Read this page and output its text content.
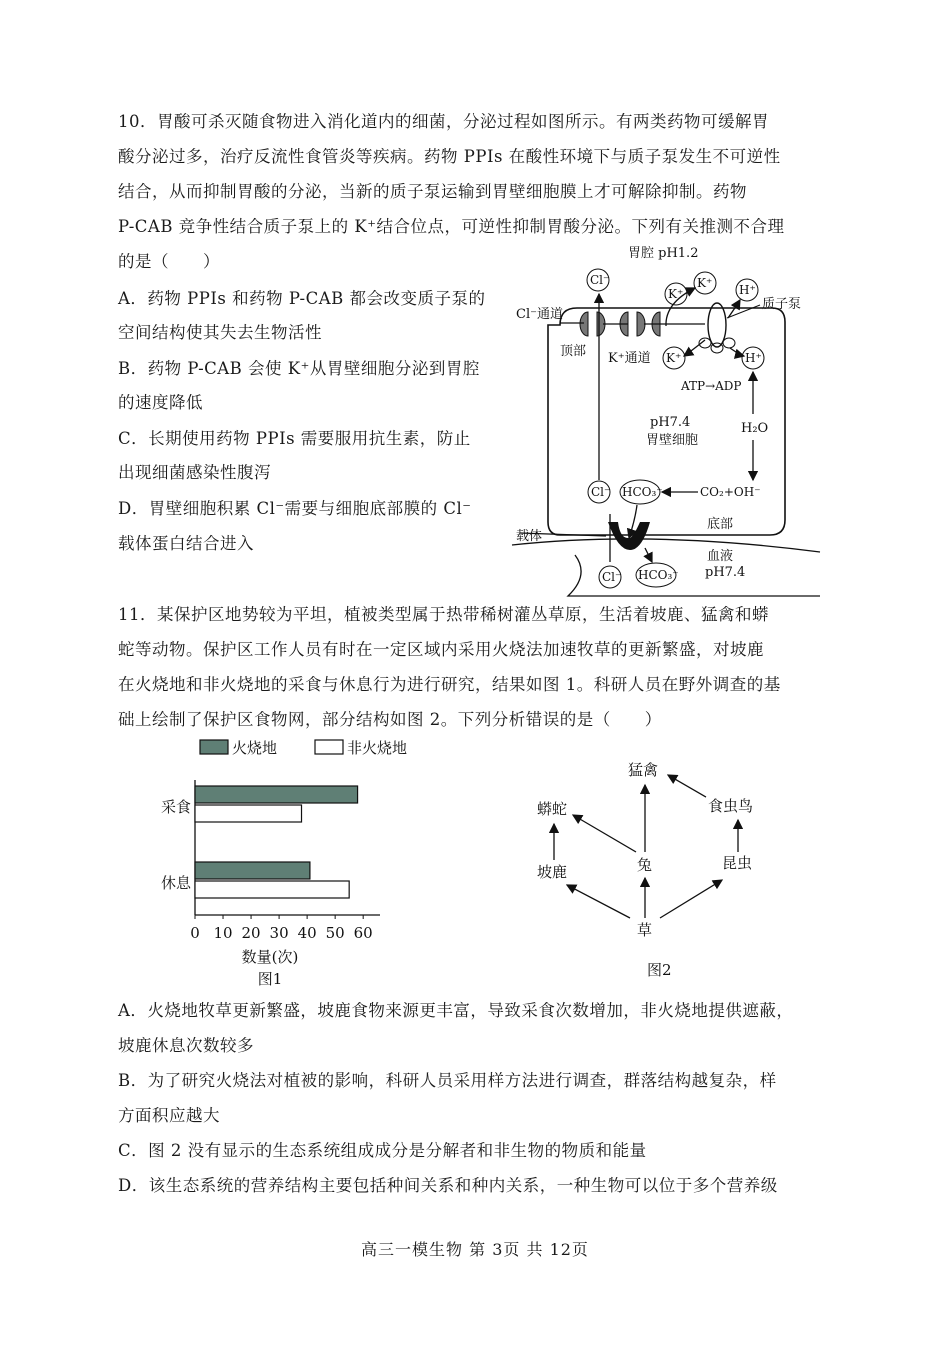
10．胃酸可杀灭随食物进入消化道内的细菌，分泌过程如图所示。有两类药物可缓解胃
酸分泌过多，治疗反流性食管炎等疾病。药物 PPIs 在酸性环境下与质子泵发生不可逆性
结合，从而抑制胃酸的分泌，当新的质子泵运输到胃壁细胞膜上才可解除抑制。药物
P-CAB 竞争性结合质子泵上的 K⁺结合位点，可逆性抑制胃酸分泌。下列有关推测不合理
的是（　　）
A．药物 PPIs 和药物 P-CAB 都会改变质子泵的
空间结构使其失去生物活性
B．药物 P-CAB 会使 K⁺从胃壁细胞分泌到胃腔
的速度降低
C．长期使用药物 PPIs 需要服用抗生素，防止
出现细菌感染性腹泻
D．胃壁细胞积累 Cl⁻需要与细胞底部膜的 Cl⁻
载体蛋白结合进入
胃腔 pH1.2
Cl⁻通道
顶部 K⁺通道
质子泵
Cl⁻	K⁺
K⁺	H⁺
K⁺	H⁺
ATP→ADP
pH7.4
胃壁细胞
H₂O
Cl⁻ HCO₃⁻	CO₂+OH⁻
底部
载体
Cl⁻ HCO₃⁻
血液
pH7.4
11．某保护区地势较为平坦，植被类型属于热带稀树灌丛草原，生活着坡鹿、猛禽和蟒
蛇等动物。保护区工作人员有时在一定区域内采用火烧法加速牧草的更新繁盛，对坡鹿
在火烧地和非火烧地的采食与休息行为进行研究，结果如图 1。科研人员在野外调查的基
础上绘制了保护区食物网，部分结构如图 2。下列分析错误的是（　　）
火烧地	非火烧地
0 10 20 30 40 50 60
数量(次)
图1
采食
休息
猛禽
蟒蛇	食虫鸟
坡鹿	兔	昆虫
草
图2
A．火烧地牧草更新繁盛，坡鹿食物来源更丰富，导致采食次数增加，非火烧地提供遮蔽，
坡鹿休息次数较多
B．为了研究火烧法对植被的影响，科研人员采用样方法进行调查，群落结构越复杂，样
方面积应越大
C．图 2 没有显示的生态系统组成成分是分解者和非生物的物质和能量
D．该生态系统的营养结构主要包括种间关系和种内关系，一种生物可以位于多个营养级
高三一模生物 第 3页 共 12页
